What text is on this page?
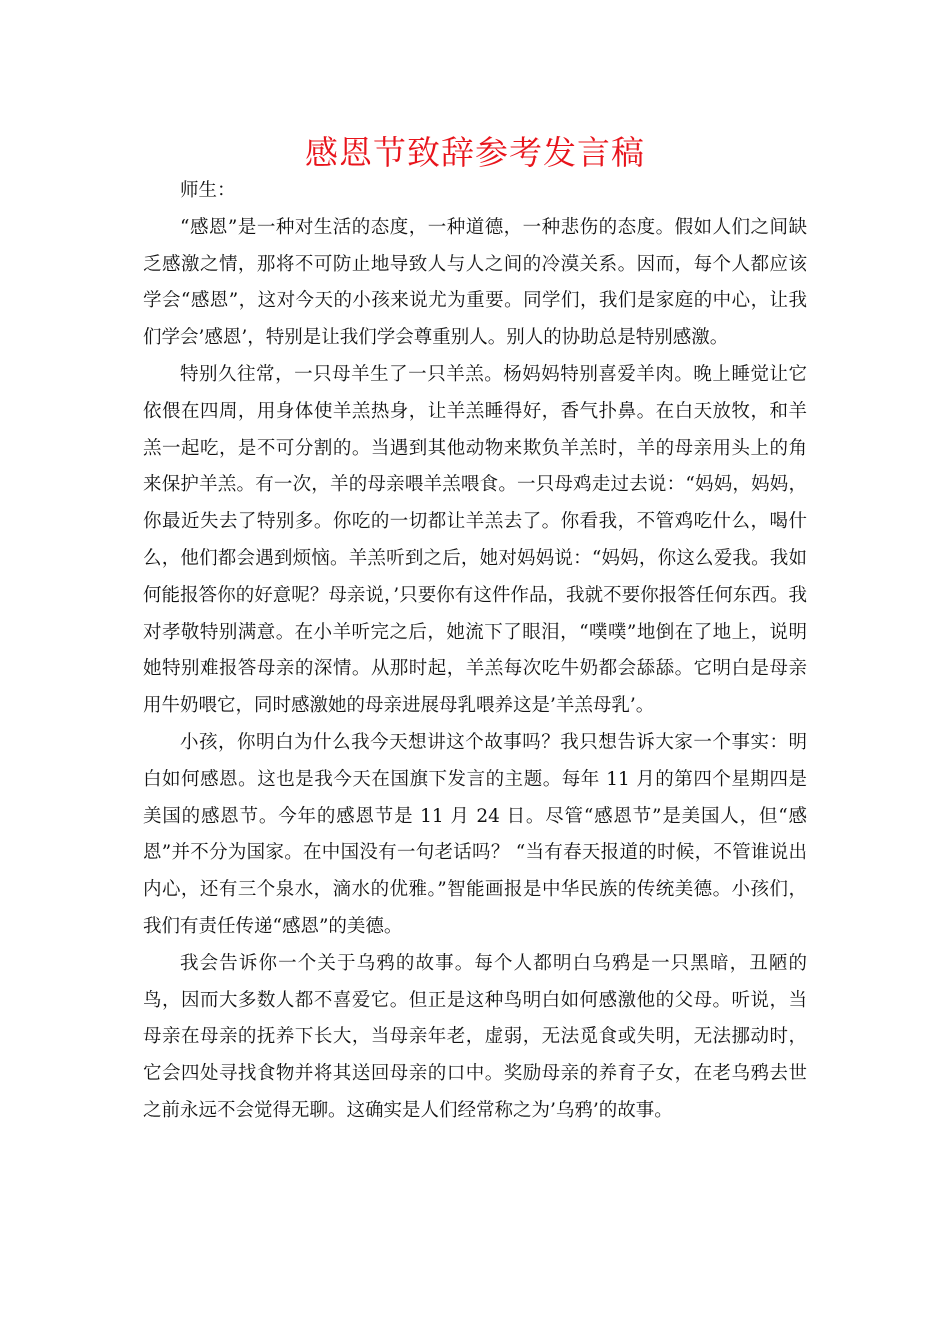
感恩节致辞参考发言稿

师生：

“感恩”是一种对生活的态度，一种道德，一种悲伤的态度。假如人们之间缺乏感激之情，那将不可防止地导致人与人之间的冷漠关系。因而，每个人都应该学会“感恩”，这对今天的小孩来说尤为重要。同学们，我们是家庭的中心，让我们学会’感恩’，特别是让我们学会尊重别人。别人的协助总是特别感激。

特别久往常，一只母羊生了一只羊羔。杨妈妈特别喜爱羊肉。晚上睡觉让它依偎在四周，用身体使羊羔热身，让羊羔睡得好，香气扑鼻。在白天放牧，和羊羔一起吃，是不可分割的。当遇到其他动物来欺负羊羔时，羊的母亲用头上的角来保护羊羔。有一次，羊的母亲喂羊羔喂食。一只母鸡走过去说：“妈妈，妈妈，你最近失去了特别多。你吃的一切都让羊羔去了。你看我，不管鸡吃什么，喝什么，他们都会遇到烦恼。羊羔听到之后，她对妈妈说：“妈妈，你这么爱我。我如何能报答你的好意呢？母亲说，’只要你有这件作品，我就不要你报答任何东西。我对孝敬特别满意。在小羊听完之后，她流下了眼泪，“噗噗”地倒在了地上，说明她特别难报答母亲的深情。从那时起，羊羔每次吃牛奶都会舔舔。它明白是母亲用牛奶喂它，同时感激她的母亲进展母乳喂养这是’羊羔母乳’。

小孩，你明白为什么我今天想讲这个故事吗？我只想告诉大家一个事实：明白如何感恩。这也是我今天在国旗下发言的主题。每年 11 月的第四个星期四是美国的感恩节。今年的感恩节是 11 月 24 日。尽管“感恩节”是美国人，但“感恩”并不分为国家。在中国没有一句老话吗？ “当有春天报道的时候，不管谁说出内心，还有三个泉水，滴水的优雅。”智能画报是中华民族的传统美德。小孩们，我们有责任传递“感恩”的美德。

我会告诉你一个关于乌鸦的故事。每个人都明白乌鸦是一只黑暗，丑陋的鸟，因而大多数人都不喜爱它。但正是这种鸟明白如何感激他的父母。听说，当母亲在母亲的抚养下长大，当母亲年老，虚弱，无法觅食或失明，无法挪动时，它会四处寻找食物并将其送回母亲的口中。奖励母亲的养育子女，在老乌鸦去世之前永远不会觉得无聊。这确实是人们经常称之为’乌鸦’的故事。
